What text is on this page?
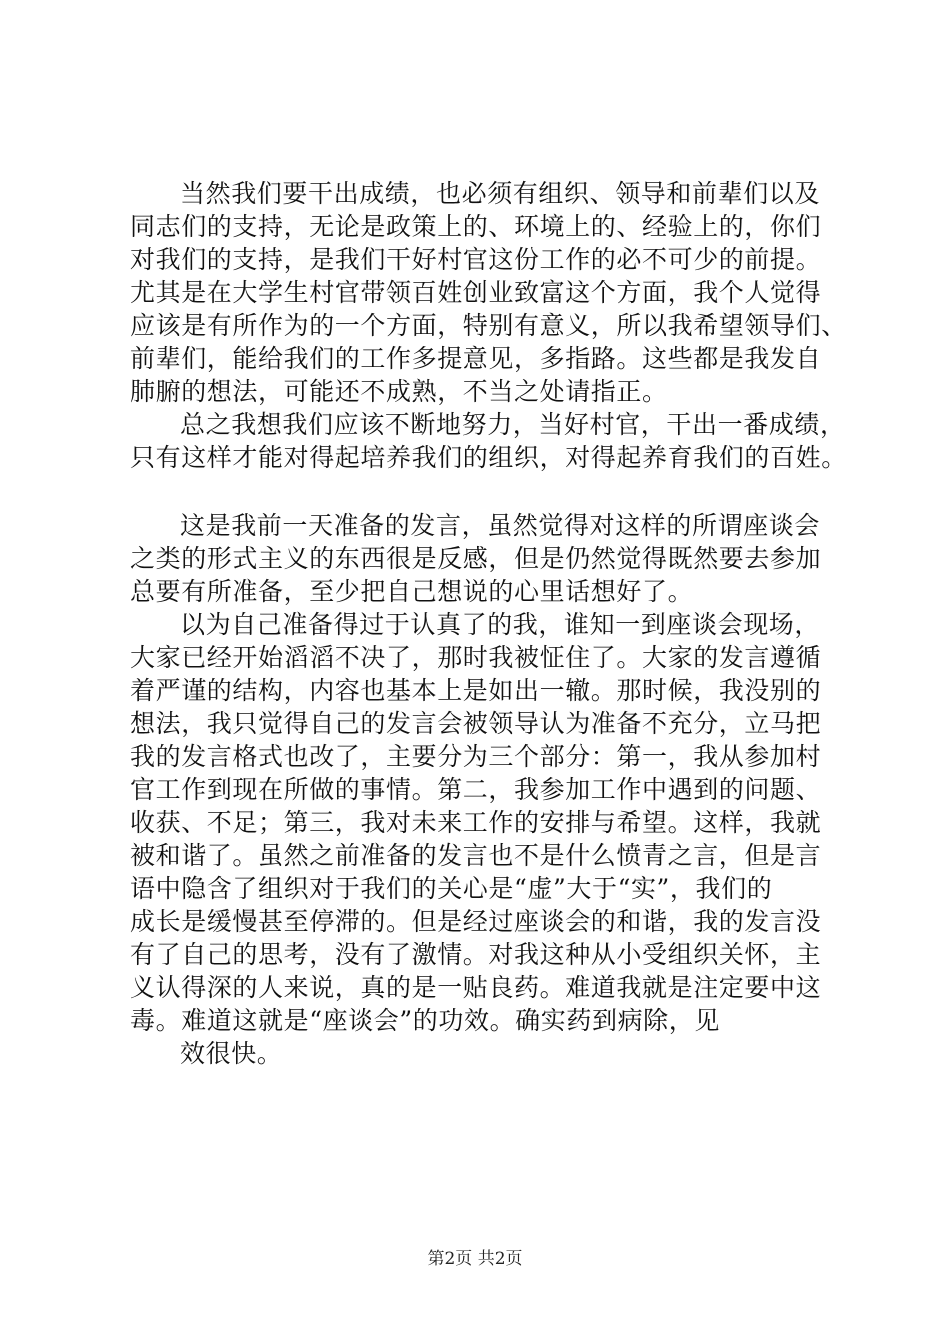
当然我们要干出成绩，也必须有组织、领导和前辈们以及
同志们的支持，无论是政策上的、环境上的、经验上的，你们
对我们的支持，是我们干好村官这份工作的必不可少的前提。
尤其是在大学生村官带领百姓创业致富这个方面，我个人觉得
应该是有所作为的一个方面，特别有意义，所以我希望领导们、
前辈们，能给我们的工作多提意见，多指路。这些都是我发自
肺腑的想法，可能还不成熟，不当之处请指正。
总之我想我们应该不断地努力，当好村官，干出一番成绩，
只有这样才能对得起培养我们的组织，对得起养育我们的百姓。
这是我前一天准备的发言，虽然觉得对这样的所谓座谈会
之类的形式主义的东西很是反感，但是仍然觉得既然要去参加
总要有所准备，至少把自己想说的心里话想好了。
以为自己准备得过于认真了的我，谁知一到座谈会现场，
大家已经开始滔滔不决了，那时我被怔住了。大家的发言遵循
着严谨的结构，内容也基本上是如出一辙。那时候，我没别的
想法，我只觉得自己的发言会被领导认为准备不充分，立马把
我的发言格式也改了，主要分为三个部分：第一，我从参加村
官工作到现在所做的事情。第二，我参加工作中遇到的问题、
收获、不足；第三，我对未来工作的安排与希望。这样，我就
被和谐了。虽然之前准备的发言也不是什么愤青之言，但是言
语中隐含了组织对于我们的关心是“虚”大于“实”，我们的
成长是缓慢甚至停滞的。但是经过座谈会的和谐，我的发言没
有了自己的思考，没有了激情。对我这种从小受组织关怀，主
义认得深的人来说，真的是一贴良药。难道我就是注定要中这
毒。难道这就是“座谈会”的功效。确实药到病除，见
效很快。
第2页 共2页
